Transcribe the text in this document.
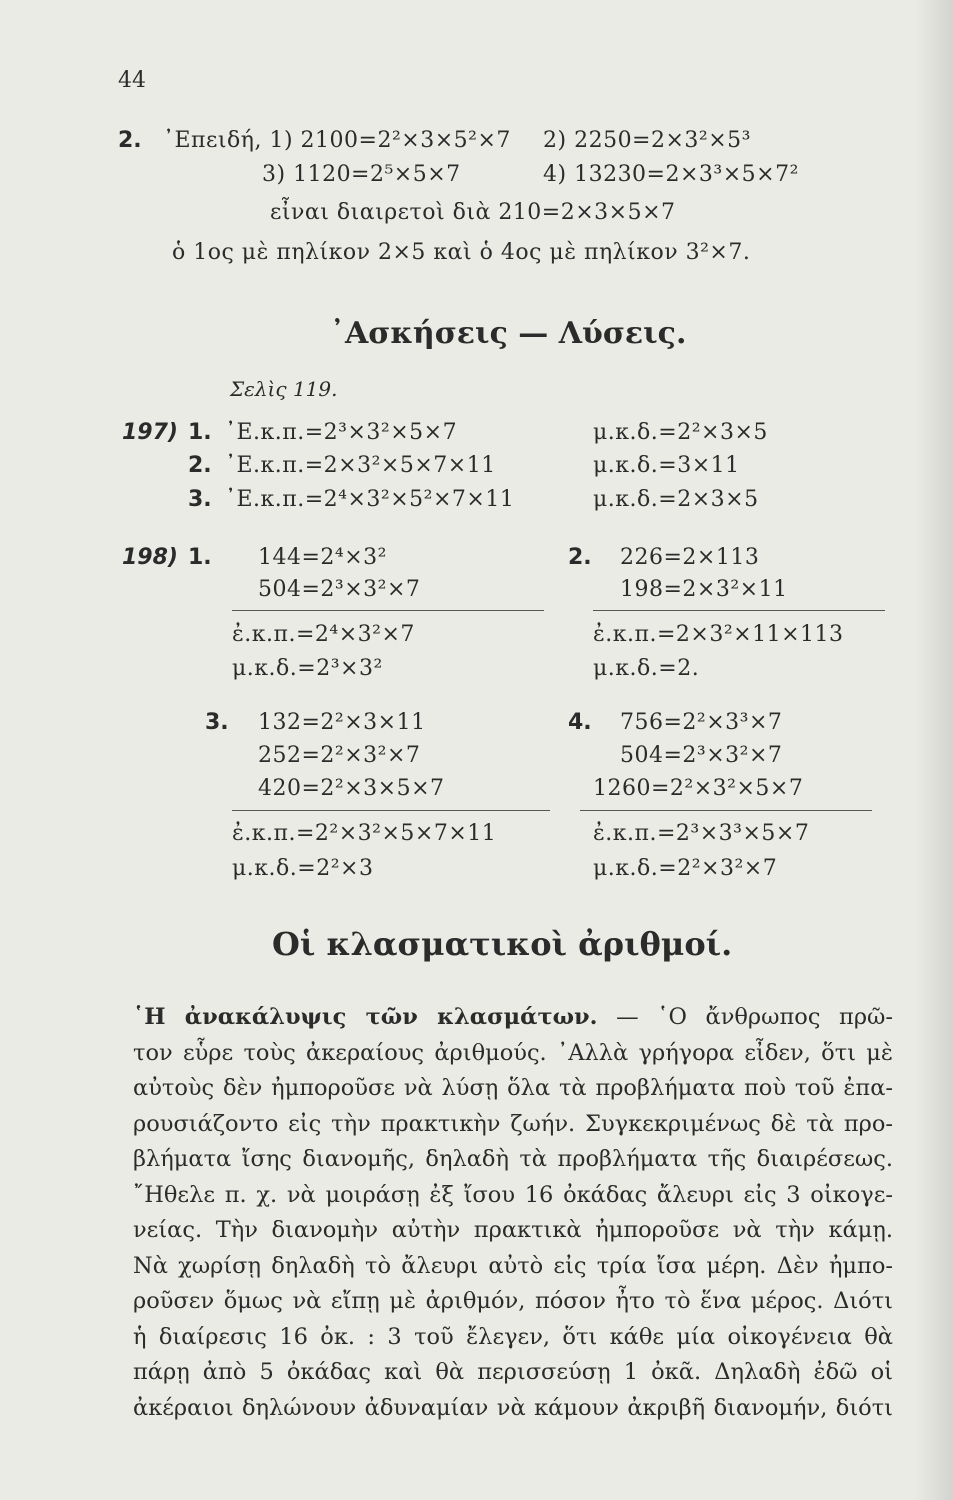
44
2. ᾿Επειδή, 1) 2100=2²×3×5²×7 2) 2250=2×3²×5³
3) 1120=2⁵×5×7	4) 13230=2×3³×5×7²
εἶναι διαιρετοὶ διὰ 210=2×3×5×7
ὁ 1ος μὲ πηλίκον 2×5 καὶ ὁ 4ος μὲ πηλίκον 3²×7.
᾿Ασκήσεις — Λύσεις.
Σελὶς 119.
197) 1. ᾿Ε.κ.π.=2³×3²×5×7	μ.κ.δ.=2²×3×5
2. ᾿Ε.κ.π.=2×3²×5×7×11	μ.κ.δ.=3×11
3. ᾿Ε.κ.π.=2⁴×3²×5²×7×11	μ.κ.δ.=2×3×5
198) 1. 144=2⁴×3²
504=2³×3²×7
ἐ.κ.π.=2⁴×3²×7
μ.κ.δ.=2³×3²
2. 226=2×113
198=2×3²×11
ἐ.κ.π.=2×3²×11×113
μ.κ.δ.=2.
3. 132=2²×3×11
252=2²×3²×7
420=2²×3×5×7
ἐ.κ.π.=2²×3²×5×7×11
μ.κ.δ.=2²×3
4. 756=2²×3³×7
504=2³×3²×7
1260=2²×3²×5×7
ἐ.κ.π.=2³×3³×5×7
μ.κ.δ.=2²×3²×7
Οἱ κλασματικοὶ ἀριθμοί.
῾Η ἀνακάλυψις τῶν κλασμάτων. — ῾Ο ἄνθρωπος πρῶ-
τον εὗρε τοὺς ἀκεραίους ἀριθμούς. ᾿Αλλὰ γρήγορα εἶδεν, ὅτι μὲ
αὐτοὺς δὲν ἠμποροῦσε νὰ λύσῃ ὅλα τὰ προβλήματα ποὺ τοῦ ἐπα-
ρουσιάζοντο εἰς τὴν πρακτικὴν ζωήν. Συγκεκριμένως δὲ τὰ προ-
βλήματα ἴσης διανομῆς, δηλαδὴ τὰ προβλήματα τῆς διαιρέσεως.
῎Ηθελε π. χ. νὰ μοιράσῃ ἐξ ἴσου 16 ὀκάδας ἄλευρι εἰς 3 οἰκογε-
νείας. Τὴν διανομὴν αὐτὴν πρακτικὰ ἠμποροῦσε νὰ τὴν κάμῃ.
Νὰ χωρίσῃ δηλαδὴ τὸ ἄλευρι αὐτὸ εἰς τρία ἴσα μέρη. Δὲν ἠμπο-
ροῦσεν ὅμως νὰ εἴπῃ μὲ ἀριθμόν, πόσον ἦτο τὸ ἕνα μέρος. Διότι
ἡ διαίρεσις 16 ὀκ. : 3 τοῦ ἔλεγεν, ὅτι κάθε μία οἰκογένεια θὰ
πάρῃ ἀπὸ 5 ὀκάδας καὶ θὰ περισσεύσῃ 1 ὀκᾶ. Δηλαδὴ ἐδῶ οἱ
ἀκέραιοι δηλώνουν ἀδυναμίαν νὰ κάμουν ἀκριβῆ διανομήν, διότι
